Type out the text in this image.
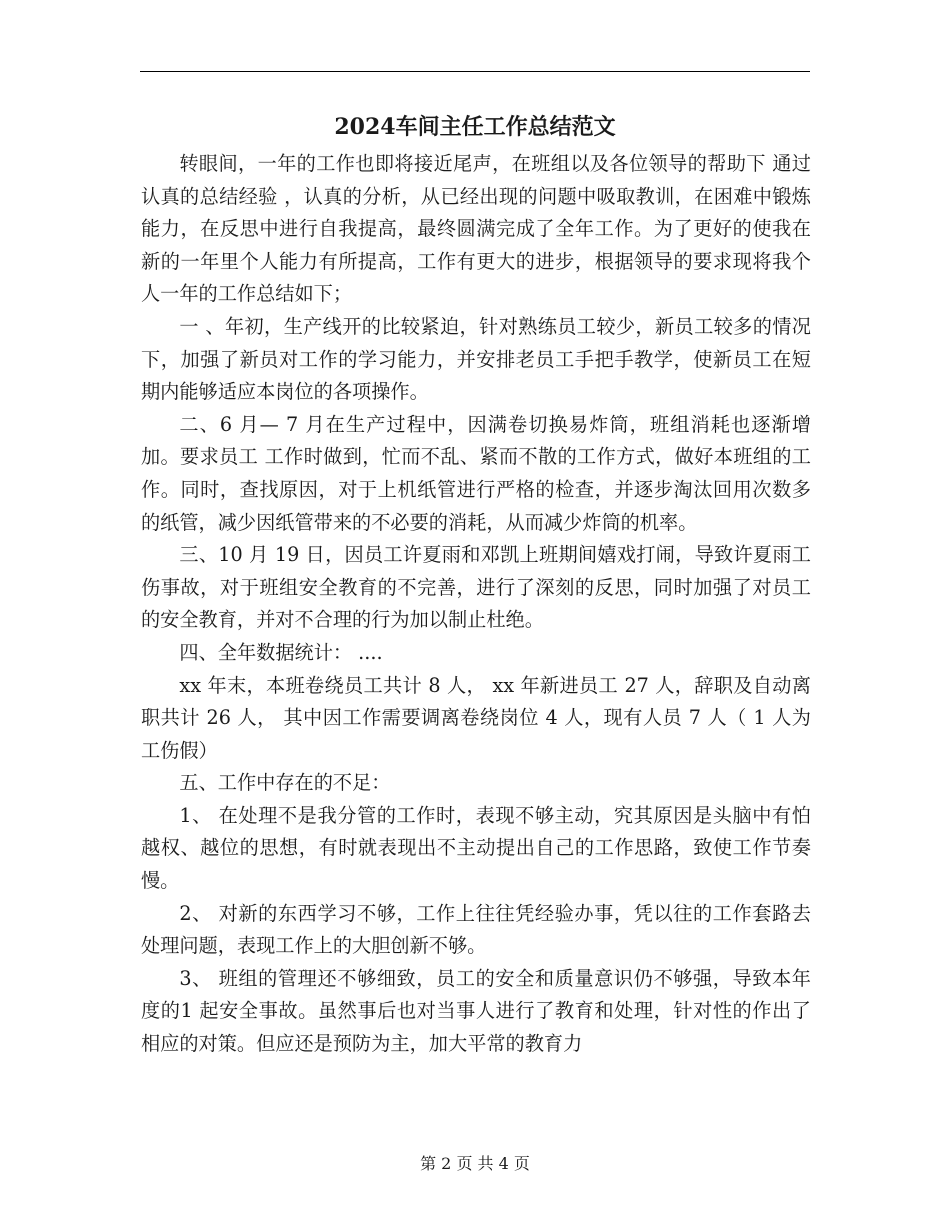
2024车间主任工作总结范文

转眼间，一年的工作也即将接近尾声，在班组以及各位领导的帮助下 通过认真的总结经验 ，认真的分析，从已经出现的问题中吸取教训，在困难中锻炼能力，在反思中进行自我提高，最终圆满完成了全年工作。为了更好的使我在新的一年里个人能力有所提高，工作有更大的进步，根据领导的要求现将我个人一年的工作总结如下；

一 、年初，生产线开的比较紧迫，针对熟练员工较少，新员工较多的情况下，加强了新员对工作的学习能力，并安排老员工手把手教学，使新员工在短期内能够适应本岗位的各项操作。

二、6 月— 7 月在生产过程中，因满卷切换易炸筒，班组消耗也逐渐增加。要求员工 工作时做到，忙而不乱、紧而不散的工作方式，做好本班组的工作。同时，查找原因，对于上机纸管进行严格的检查，并逐步淘汰回用次数多的纸管，减少因纸管带来的不必要的消耗，从而减少炸筒的机率。

三、10 月 19 日，因员工许夏雨和邓凯上班期间嬉戏打闹，导致许夏雨工伤事故，对于班组安全教育的不完善，进行了深刻的反思，同时加强了对员工的安全教育，并对不合理的行为加以制止杜绝。

四、全年数据统计： ....

xx 年末，本班卷绕员工共计 8 人， xx 年新进员工 27 人，辞职及自动离职共计 26 人， 其中因工作需要调离卷绕岗位 4 人，现有人员 7 人（ 1 人为工伤假）

五、工作中存在的不足：

1、 在处理不是我分管的工作时，表现不够主动，究其原因是头脑中有怕越权、越位的思想，有时就表现出不主动提出自己的工作思路，致使工作节奏慢。

2、 对新的东西学习不够，工作上往往凭经验办事，凭以往的工作套路去处理问题，表现工作上的大胆创新不够。

3、 班组的管理还不够细致，员工的安全和质量意识仍不够强，导致本年度的1 起安全事故。虽然事后也对当事人进行了教育和处理，针对性的作出了相应的对策。但应还是预防为主，加大平常的教育力

第 2 页 共 4 页
